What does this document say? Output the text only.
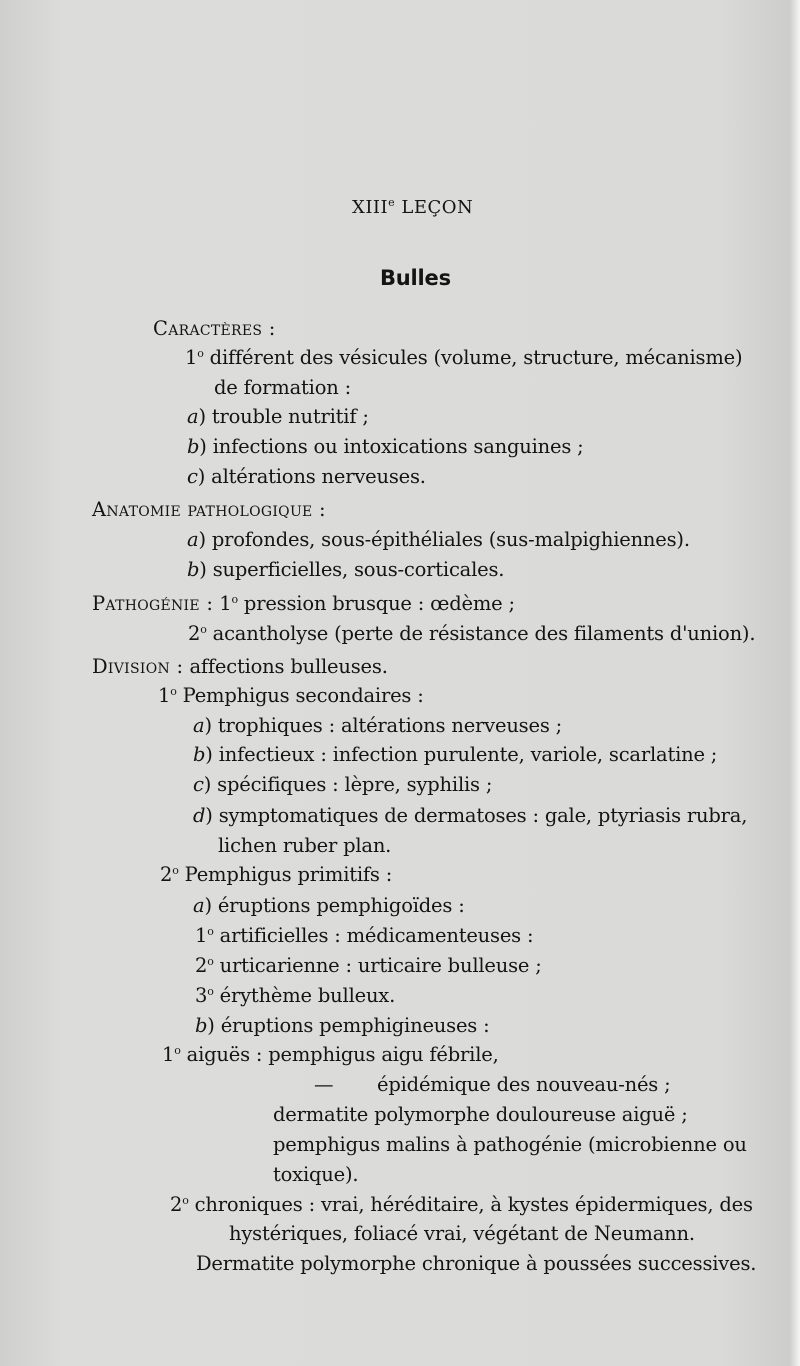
XIIIe LEÇON
Bulles
Caractères :
1$^o$ différent des vésicules (volume, structure, mécanisme)
de formation :
a) trouble nutritif ;
b) infections ou intoxications sanguines ;
c) altérations nerveuses.
Anatomie pathologique :
a) profondes, sous-épithéliales (sus-malpighiennes).
b) superficielles, sous-corticales.
Pathogénie : 1$^o$ pression brusque : œdème ;
2$^o$ acantholyse (perte de résistance des filaments d'union).
Division : affections bulleuses.
1$^o$ Pemphigus secondaires :
a) trophiques : altérations nerveuses ;
b) infectieux : infection purulente, variole, scarlatine ;
c) spécifiques : lèpre, syphilis ;
d) symptomatiques de dermatoses : gale, ptyriasis rubra,
lichen ruber plan.
2$^o$ Pemphigus primitifs :
a) éruptions pemphigoïdes :
1$^o$ artificielles : médicamenteuses :
2$^o$ urticarienne : urticaire bulleuse ;
3$^o$ érythème bulleux.
b) éruptions pemphigineuses :
1$^o$ aiguës : pemphigus aigu fébrile,
— épidémique des nouveau-nés ;
dermatite polymorphe douloureuse aiguë ;
pemphigus malins à pathogénie (microbienne ou
toxique).
2$^o$ chroniques : vrai, héréditaire, à kystes épidermiques, des
hystériques, foliacé vrai, végétant de Neumann.
Dermatite polymorphe chronique à poussées successives.
